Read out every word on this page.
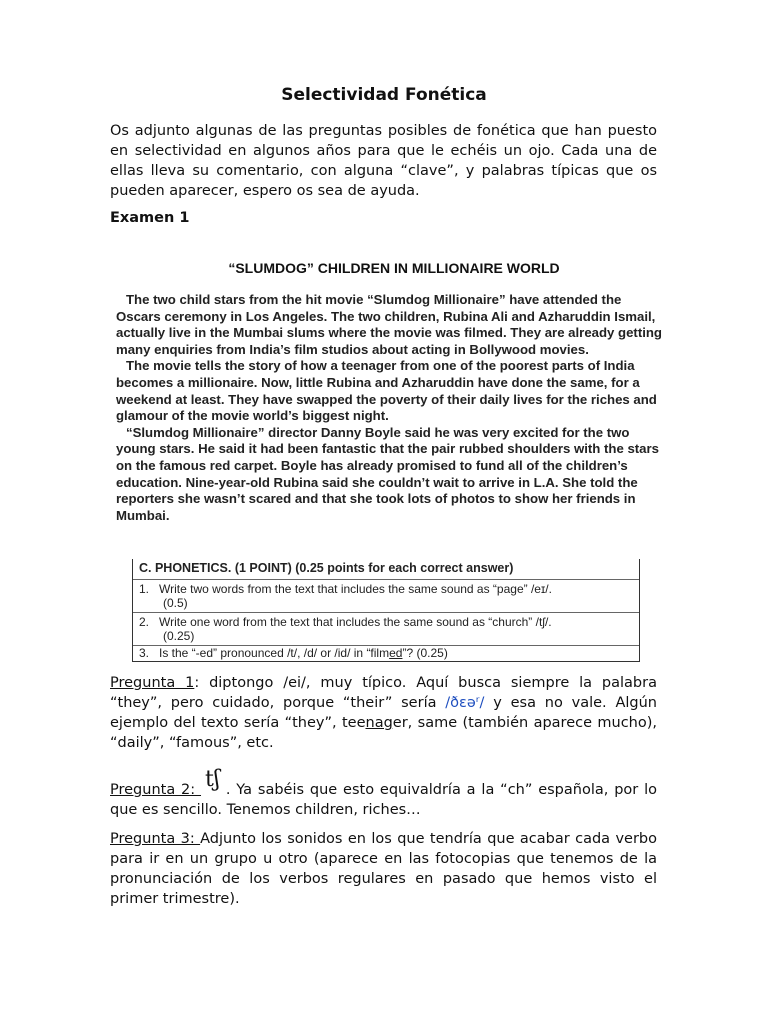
Selectividad Fonética
Os adjunto algunas de las preguntas posibles de fonética que han puesto en selectividad en algunos años para que le echéis un ojo. Cada una de ellas lleva su comentario, con alguna “clave”, y palabras típicas que os pueden aparecer, espero os sea de ayuda.
Examen 1
“SLUMDOG” CHILDREN IN MILLIONAIRE WORLD

The two child stars from the hit movie “Slumdog Millionaire” have attended the Oscars ceremony in Los Angeles. The two children, Rubina Ali and Azharuddin Ismail, actually live in the Mumbai slums where the movie was filmed. They are already getting many enquiries from India’s film studios about acting in Bollywood movies.

The movie tells the story of how a teenager from one of the poorest parts of India becomes a millionaire. Now, little Rubina and Azharuddin have done the same, for a weekend at least. They have swapped the poverty of their daily lives for the riches and glamour of the movie world’s biggest night.

“Slumdog Millionaire” director Danny Boyle said he was very excited for the two young stars. He said it had been fantastic that the pair rubbed shoulders with the stars on the famous red carpet. Boyle has already promised to fund all of the children’s education. Nine-year-old Rubina said she couldn’t wait to arrive in L.A. She told the reporters she wasn’t scared and that she took lots of photos to show her friends in Mumbai.

C. PHONETICS. (1 POINT) (0.25 points for each correct answer)
1. Write two words from the text that includes the same sound as “page” /eɪ/.
(0.5)
2. Write one word from the text that includes the same sound as “church” /tʃ/.
(0.25)
3. Is the “-ed” pronounced /t/, /d/ or /id/ in “filmed”? (0.25)
Pregunta 1: diptongo /ei/, muy típico. Aquí busca siempre la palabra “they”, pero cuidado, porque “their” sería /ðɛəʳ/ y esa no vale. Algún ejemplo del texto sería “they”, teenager, same (también aparece mucho), “daily”, “famous”, etc.
Pregunta 2: tʃ . Ya sabéis que esto equivaldría a la “ch” española, por lo que es sencillo. Tenemos children, riches…
Pregunta 3: Adjunto los sonidos en los que tendría que acabar cada verbo para ir en un grupo u otro (aparece en las fotocopias que tenemos de la pronunciación de los verbos regulares en pasado que hemos visto el primer trimestre).
